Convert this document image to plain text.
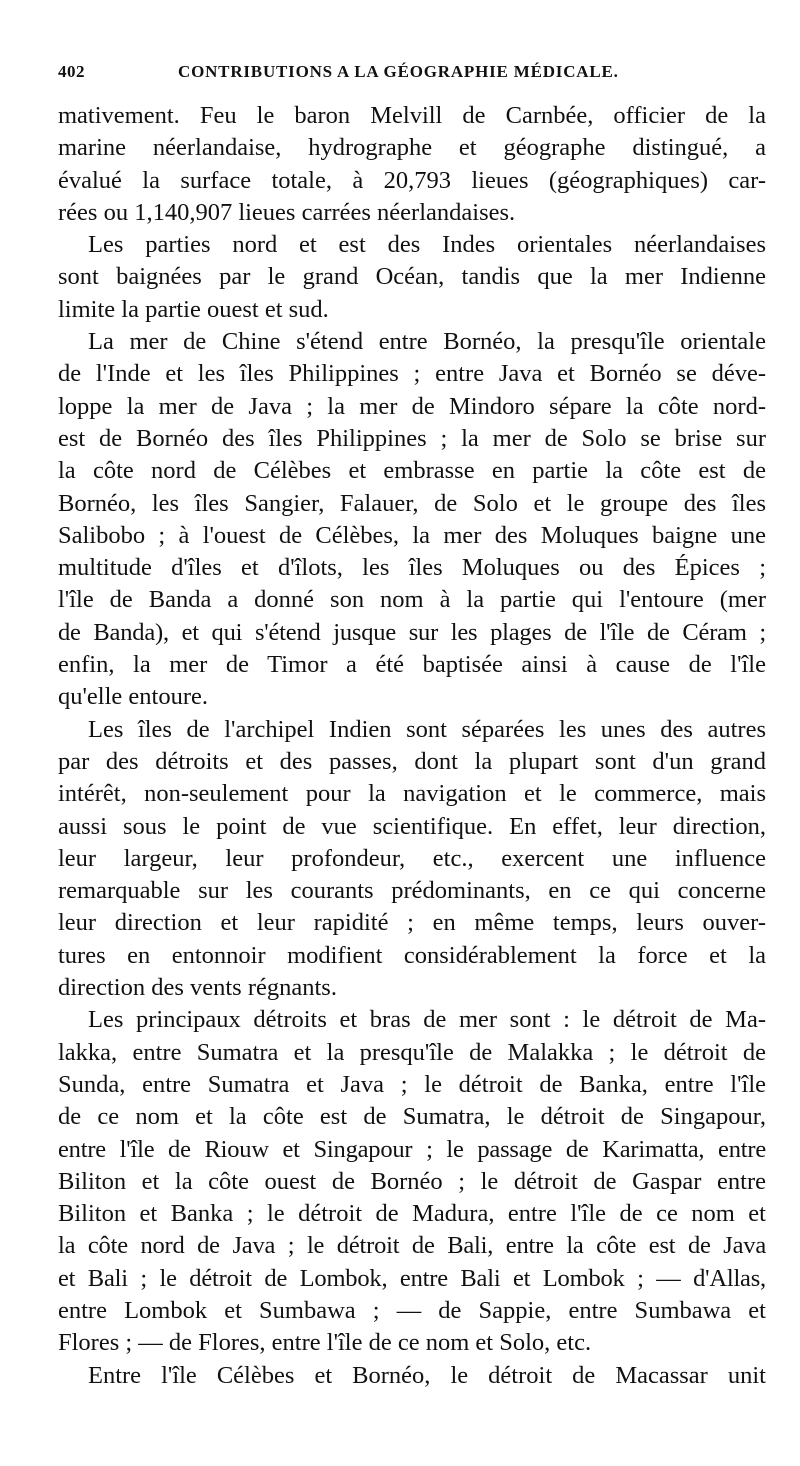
402	CONTRIBUTIONS A LA GÉOGRAPHIE MÉDICALE.
mativement. Feu le baron Melvill de Carnbée, officier de la
marine néerlandaise, hydrographe et géographe distingué, a
évalué la surface totale, à 20,793 lieues (géographiques) car-
rées ou 1,140,907 lieues carrées néerlandaises.
Les parties nord et est des Indes orientales néerlandaises
sont baignées par le grand Océan, tandis que la mer Indienne
limite la partie ouest et sud.
La mer de Chine s'étend entre Bornéo, la presqu'île orientale
de l'Inde et les îles Philippines ; entre Java et Bornéo se déve-
loppe la mer de Java ; la mer de Mindoro sépare la côte nord-
est de Bornéo des îles Philippines ; la mer de Solo se brise sur
la côte nord de Célèbes et embrasse en partie la côte est de
Bornéo, les îles Sangier, Falauer, de Solo et le groupe des îles
Salibobo ; à l'ouest de Célèbes, la mer des Moluques baigne une
multitude d'îles et d'îlots, les îles Moluques ou des Épices ;
l'île de Banda a donné son nom à la partie qui l'entoure (mer
de Banda), et qui s'étend jusque sur les plages de l'île de Céram ;
enfin, la mer de Timor a été baptisée ainsi à cause de l'île
qu'elle entoure.
Les îles de l'archipel Indien sont séparées les unes des autres
par des détroits et des passes, dont la plupart sont d'un grand
intérêt, non-seulement pour la navigation et le commerce, mais
aussi sous le point de vue scientifique. En effet, leur direction,
leur largeur, leur profondeur, etc., exercent une influence
remarquable sur les courants prédominants, en ce qui concerne
leur direction et leur rapidité ; en même temps, leurs ouver-
tures en entonnoir modifient considérablement la force et la
direction des vents régnants.
Les principaux détroits et bras de mer sont : le détroit de Ma-
lakka, entre Sumatra et la presqu'île de Malakka ; le détroit de
Sunda, entre Sumatra et Java ; le détroit de Banka, entre l'île
de ce nom et la côte est de Sumatra, le détroit de Singapour,
entre l'île de Riouw et Singapour ; le passage de Karimatta, entre
Biliton et la côte ouest de Bornéo ; le détroit de Gaspar entre
Biliton et Banka ; le détroit de Madura, entre l'île de ce nom et
la côte nord de Java ; le détroit de Bali, entre la côte est de Java
et Bali ; le détroit de Lombok, entre Bali et Lombok ; — d'Allas,
entre Lombok et Sumbawa ; — de Sappie, entre Sumbawa et
Flores ; — de Flores, entre l'île de ce nom et Solo, etc.
Entre l'île Célèbes et Bornéo, le détroit de Macassar unit
